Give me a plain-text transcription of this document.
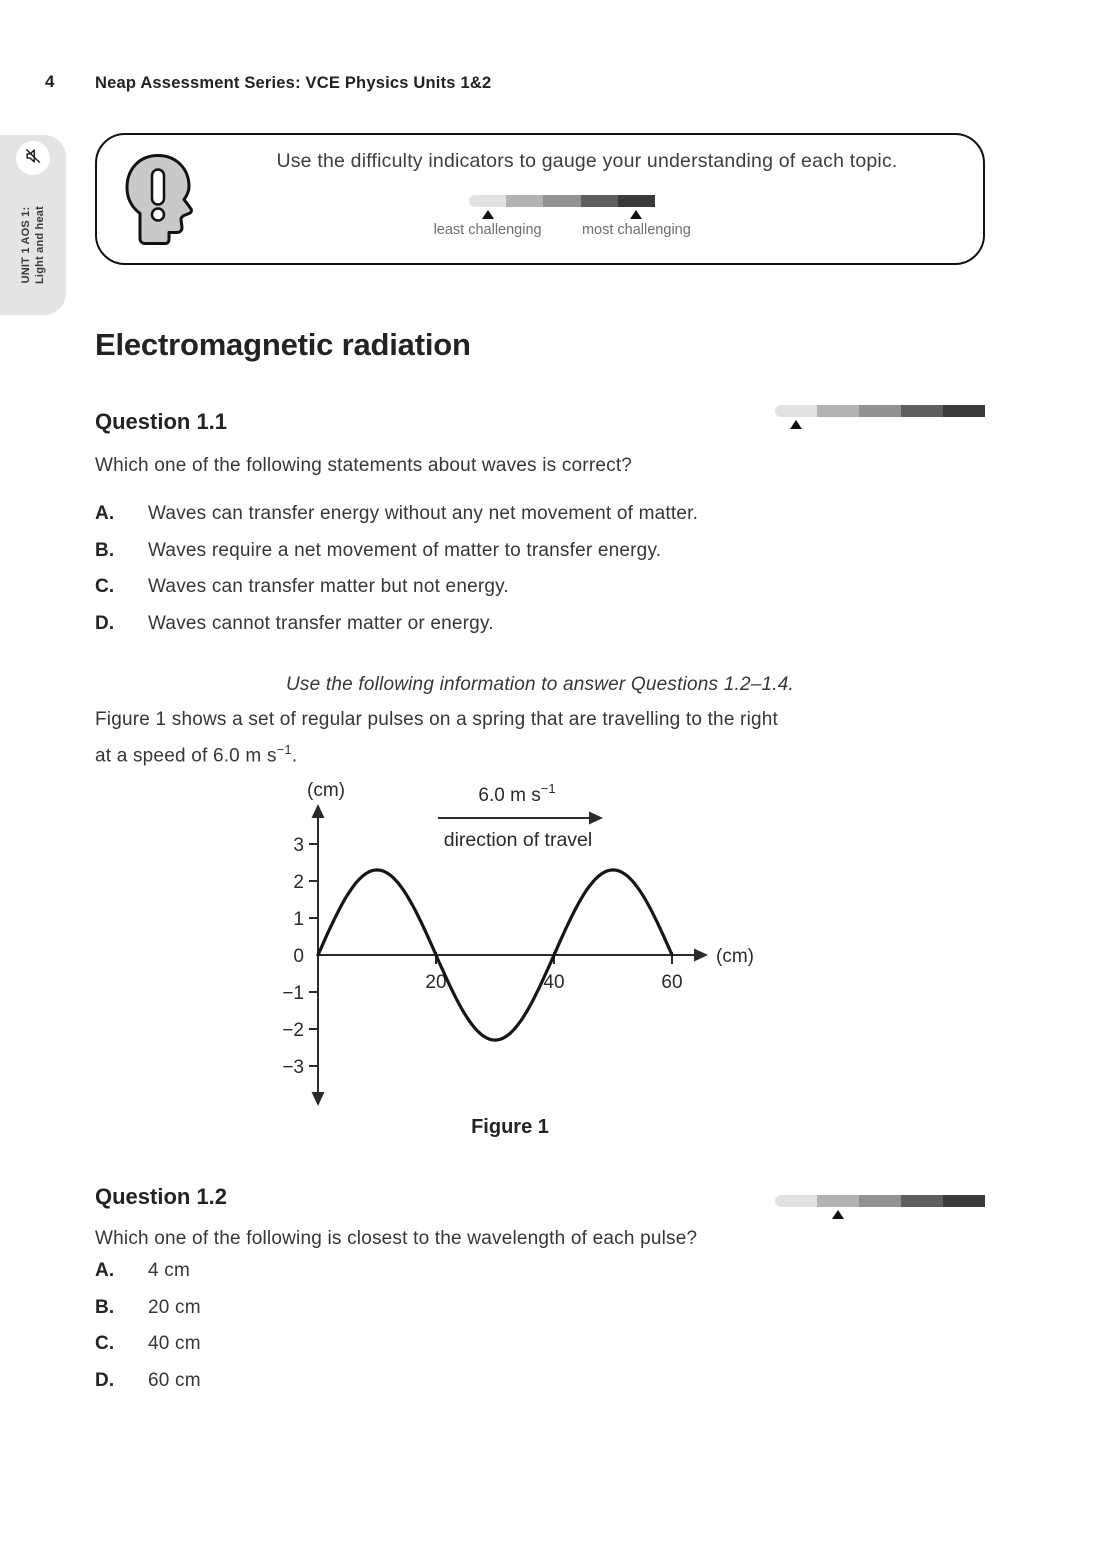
4 Neap Assessment Series: VCE Physics Units 1&2
UNIT 1 AOS 1: Light and heat
Use the difficulty indicators to gauge your understanding of each topic.
least challenging	most challenging
Electromagnetic radiation
Question 1.1
Which one of the following statements about waves is correct?
A.	Waves can transfer energy without any net movement of matter.
B.	Waves require a net movement of matter to transfer energy.
C.	Waves can transfer matter but not energy.
D.	Waves cannot transfer matter or energy.
Use the following information to answer Questions 1.2–1.4.
Figure 1 shows a set of regular pulses on a spring that are travelling to the right
at a speed of 6.0 m $s^{-1}$.
6.0 m $s^{-1}$
direction of travel
(cm)
(cm)
3
2
1
0
−1
−2
−3
20	40	60
Figure 1
Question 1.2
Which one of the following is closest to the wavelength of each pulse?
A.	4 cm
B.	20 cm
C.	40 cm
D.	60 cm
